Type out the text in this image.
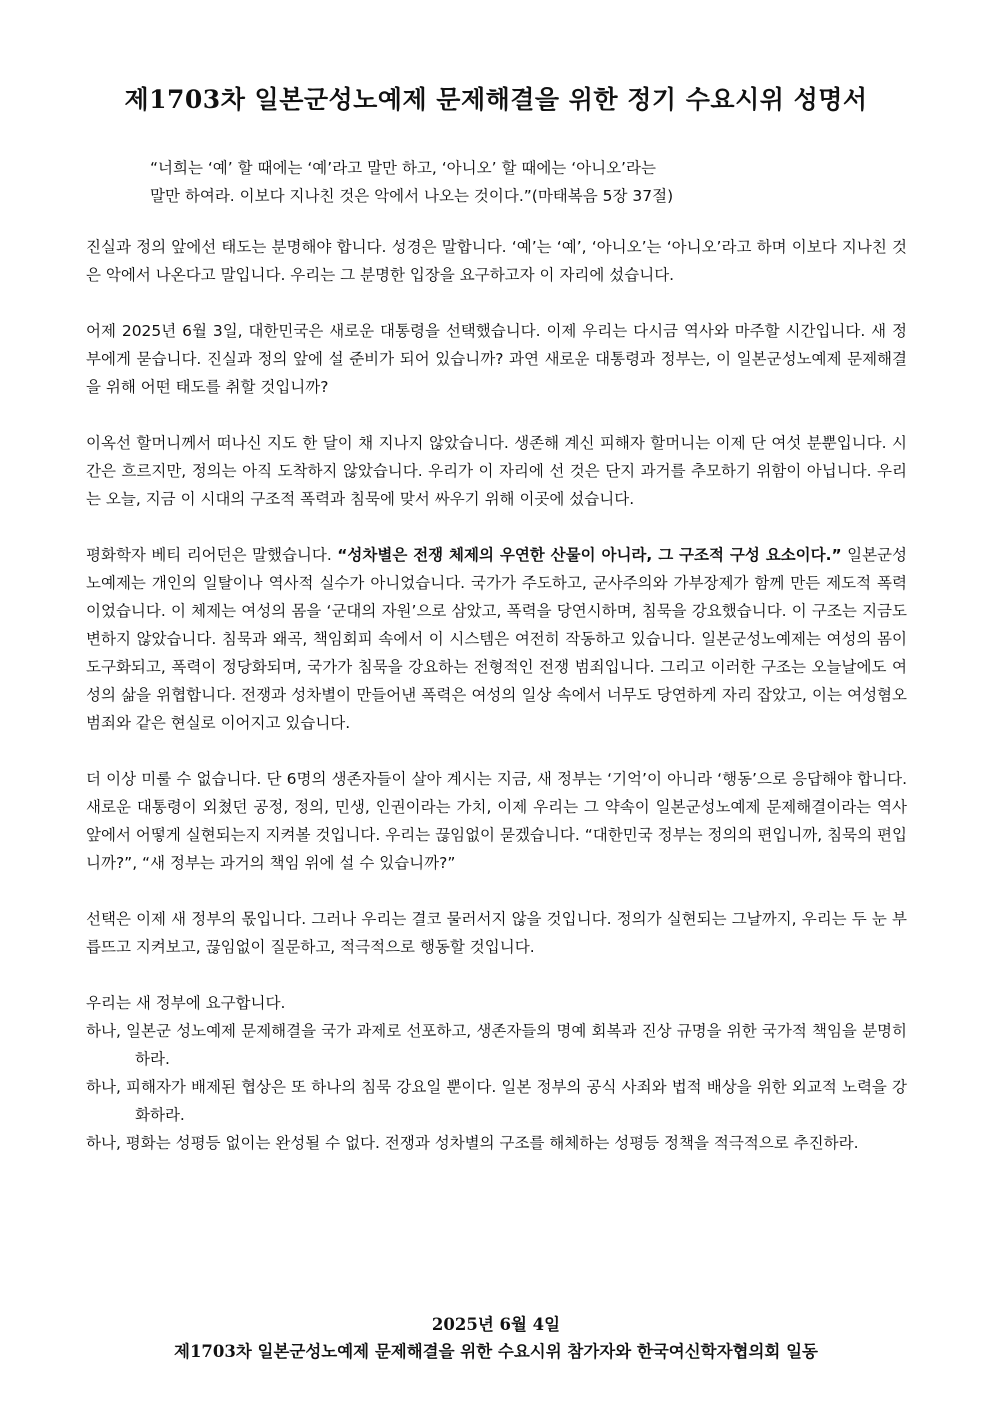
제1703차 일본군성노예제 문제해결을 위한 정기 수요시위 성명서
“너희는 ‘예’ 할 때에는 ‘예’라고 말만 하고, ‘아니오’ 할 때에는 ‘아니오’라는
말만 하여라. 이보다 지나친 것은 악에서 나오는 것이다.”(마태복음 5장 37절)

진실과 정의 앞에선 태도는 분명해야 합니다. 성경은 말합니다. ‘예’는 ‘예’, ‘아니오’는 ‘아니오’라고 하며 이보다 지나친 것은 악에서 나온다고 말입니다. 우리는 그 분명한 입장을 요구하고자 이 자리에 섰습니다.

어제 2025년 6월 3일, 대한민국은 새로운 대통령을 선택했습니다. 이제 우리는 다시금 역사와 마주할 시간입니다. 새 정부에게 묻습니다. 진실과 정의 앞에 설 준비가 되어 있습니까? 과연 새로운 대통령과 정부는, 이 일본군성노예제 문제해결을 위해 어떤 태도를 취할 것입니까?

이옥선 할머니께서 떠나신 지도 한 달이 채 지나지 않았습니다. 생존해 계신 피해자 할머니는 이제 단 여섯 분뿐입니다. 시간은 흐르지만, 정의는 아직 도착하지 않았습니다. 우리가 이 자리에 선 것은 단지 과거를 추모하기 위함이 아닙니다. 우리는 오늘, 지금 이 시대의 구조적 폭력과 침묵에 맞서 싸우기 위해 이곳에 섰습니다.

평화학자 베티 리어던은 말했습니다. “성차별은 전쟁 체제의 우연한 산물이 아니라, 그 구조적 구성 요소이다.” 일본군성노예제는 개인의 일탈이나 역사적 실수가 아니었습니다. 국가가 주도하고, 군사주의와 가부장제가 함께 만든 제도적 폭력이었습니다. 이 체제는 여성의 몸을 ‘군대의 자원’으로 삼았고, 폭력을 당연시하며, 침묵을 강요했습니다. 이 구조는 지금도 변하지 않았습니다. 침묵과 왜곡, 책임회피 속에서 이 시스템은 여전히 작동하고 있습니다. 일본군성노예제는 여성의 몸이 도구화되고, 폭력이 정당화되며, 국가가 침묵을 강요하는 전형적인 전쟁 범죄입니다. 그리고 이러한 구조는 오늘날에도 여성의 삶을 위협합니다. 전쟁과 성차별이 만들어낸 폭력은 여성의 일상 속에서 너무도 당연하게 자리 잡았고, 이는 여성혐오 범죄와 같은 현실로 이어지고 있습니다.

더 이상 미룰 수 없습니다. 단 6명의 생존자들이 살아 계시는 지금, 새 정부는 ‘기억’이 아니라 ‘행동’으로 응답해야 합니다. 새로운 대통령이 외쳤던 공정, 정의, 민생, 인권이라는 가치, 이제 우리는 그 약속이 일본군성노예제 문제해결이라는 역사 앞에서 어떻게 실현되는지 지켜볼 것입니다. 우리는 끊임없이 묻겠습니다. “대한민국 정부는 정의의 편입니까, 침묵의 편입니까?”, “새 정부는 과거의 책임 위에 설 수 있습니까?”

선택은 이제 새 정부의 몫입니다. 그러나 우리는 결코 물러서지 않을 것입니다. 정의가 실현되는 그날까지, 우리는 두 눈 부릅뜨고 지켜보고, 끊임없이 질문하고, 적극적으로 행동할 것입니다.

우리는 새 정부에 요구합니다.

하나, 일본군 성노예제 문제해결을 국가 과제로 선포하고, 생존자들의 명예 회복과 진상 규명을 위한 국가적 책임을 분명히 하라.

하나, 피해자가 배제된 협상은 또 하나의 침묵 강요일 뿐이다. 일본 정부의 공식 사죄와 법적 배상을 위한 외교적 노력을 강화하라.

하나, 평화는 성평등 없이는 완성될 수 없다. 전쟁과 성차별의 구조를 해체하는 성평등 정책을 적극적으로 추진하라.

2025년 6월 4일
제1703차 일본군성노예제 문제해결을 위한 수요시위 참가자와 한국여신학자협의회 일동
